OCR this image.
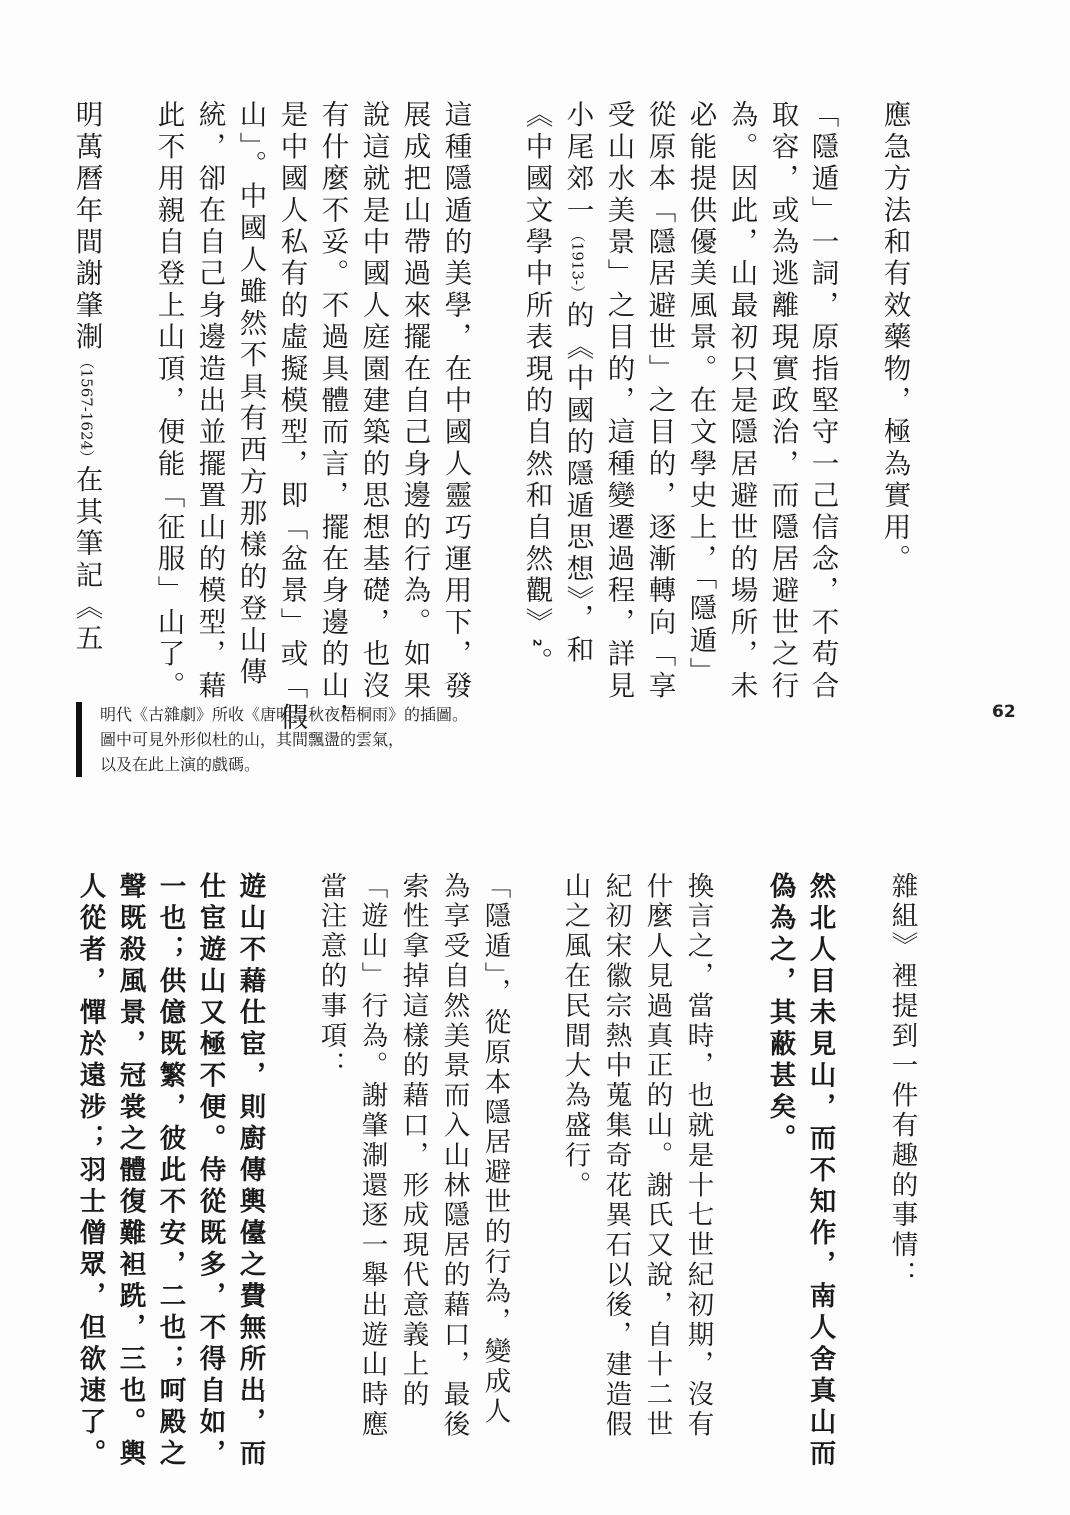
應急方法和有效藥物，極為實用。
「隱遁」一詞，原指堅守一己信念，不苟合
取容，或為逃離現實政治，而隱居避世之行
為。因此，山最初只是隱居避世的場所，未
必能提供優美風景。在文學史上，「隱遁」
從原本「隱居避世」之目的，逐漸轉向「享
受山水美景」之目的，這種變遷過程，詳見
小尾郊一（1913-）的《中國的隱遁思想》，和
《中國文學中所表現的自然和自然觀》2。
這種隱遁的美學，在中國人靈巧運用下，發
展成把山帶過來擺在自己身邊的行為。如果
說這就是中國人庭園建築的思想基礎，也沒
有什麼不妥。不過具體而言，擺在身邊的山，
是中國人私有的虛擬模型，即「盆景」或「假
山」。中國人雖然不具有西方那樣的登山傳
統，卻在自己身邊造出並擺置山的模型，藉
此不用親自登上山頂，便能「征服」山了。
明萬曆年間謝肇淛（1567-1624）在其筆記《五
明代《古雜劇》所收《唐明皇秋夜梧桐雨》的插圖。
圖中可見外形似杜的山，其間飄盪的雲氣，
以及在此上演的戲碼。
62
雜組》裡提到一件有趣的事情：
然北人目未見山，而不知作，南人舍真山而
偽為之，其蔽甚矣。
換言之，當時，也就是十七世紀初期，沒有
什麼人見過真正的山。謝氏又說，自十二世
紀初宋徽宗熱中蒐集奇花異石以後，建造假
山之風在民間大為盛行。
「隱遁」，從原本隱居避世的行為，變成人
為享受自然美景而入山林隱居的藉口，最後
索性拿掉這樣的藉口，形成現代意義上的
「遊山」行為。謝肇淛還逐一舉出遊山時應
當注意的事項：
遊山不藉仕宦，則廚傳輿儓之費無所出，而
仕宦遊山又極不便。侍從既多，不得自如，
一也；供億既繁，彼此不安，二也；呵殿之
聲既殺風景，冠裳之體復難袒跣，三也。輿
人從者，憚於遠涉；羽士僧眾，但欲速了。
